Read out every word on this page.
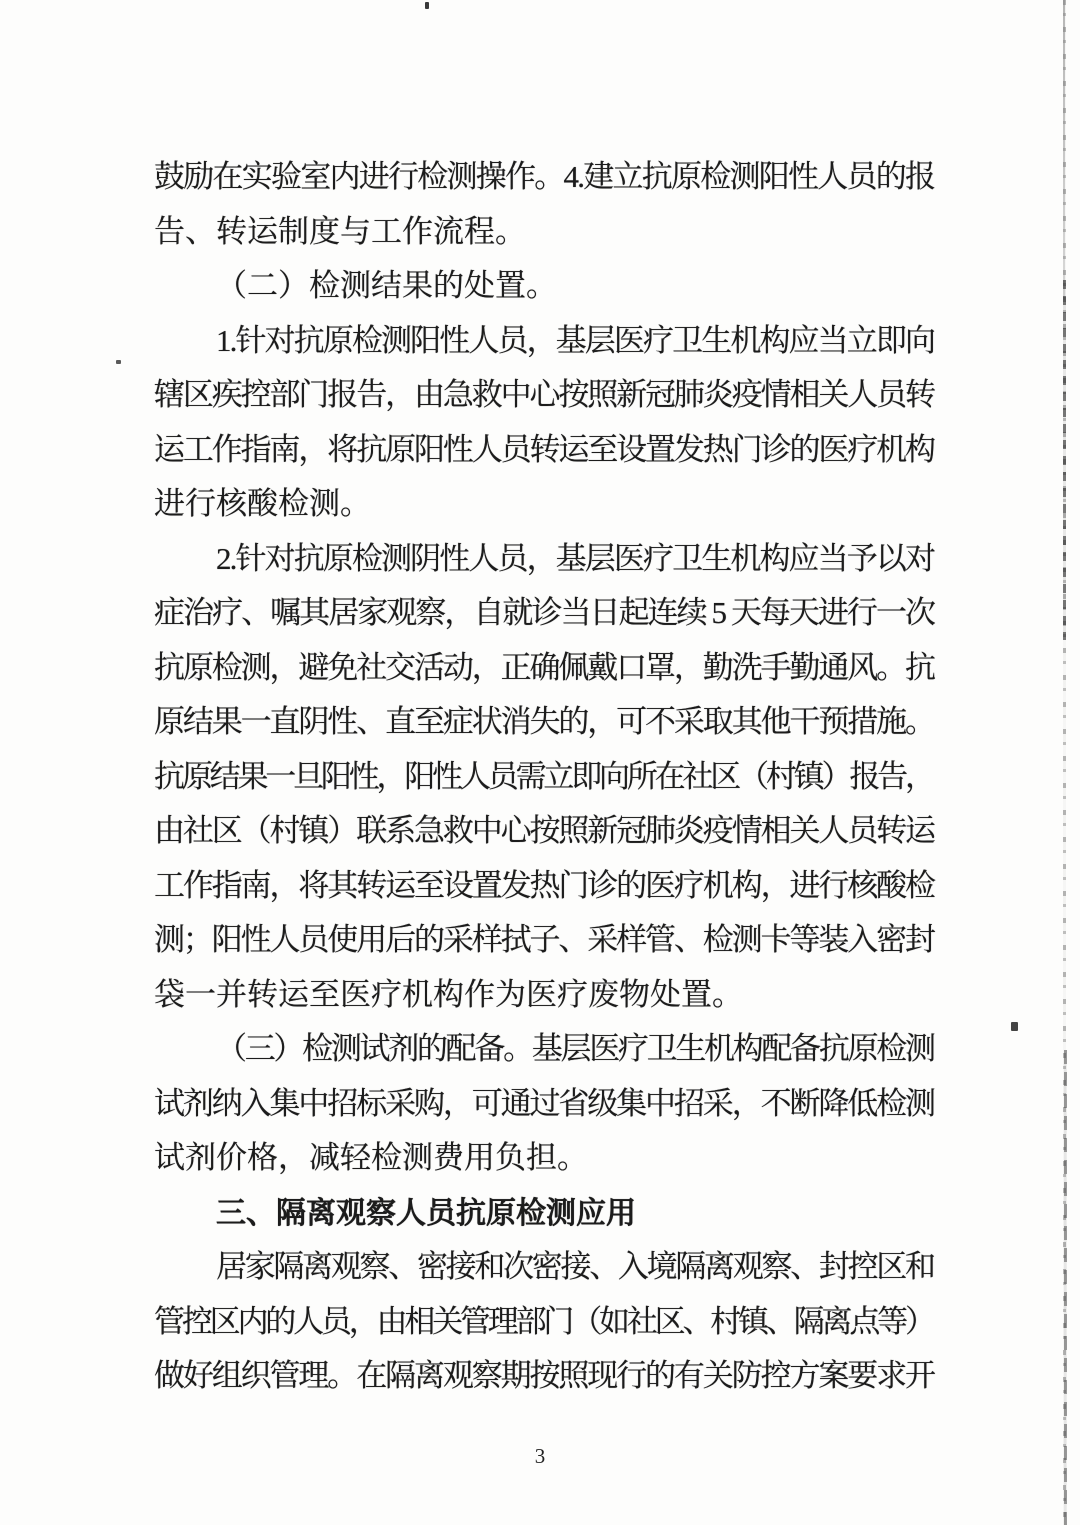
鼓励在实验室内进行检测操作。4.建立抗原检测阳性人员的报
告、转运制度与工作流程。
（二）检测结果的处置。
1.针对抗原检测阳性人员，基层医疗卫生机构应当立即向
辖区疾控部门报告，由急救中心按照新冠肺炎疫情相关人员转
运工作指南，将抗原阳性人员转运至设置发热门诊的医疗机构
进行核酸检测。
2.针对抗原检测阴性人员，基层医疗卫生机构应当予以对
症治疗、嘱其居家观察，自就诊当日起连续 5 天每天进行一次
抗原检测，避免社交活动，正确佩戴口罩，勤洗手勤通风。抗
原结果一直阴性、直至症状消失的，可不采取其他干预措施。
抗原结果一旦阳性，阳性人员需立即向所在社区（村镇）报告，
由社区（村镇）联系急救中心按照新冠肺炎疫情相关人员转运
工作指南，将其转运至设置发热门诊的医疗机构，进行核酸检
测；阳性人员使用后的采样拭子、采样管、检测卡等装入密封
袋一并转运至医疗机构作为医疗废物处置。
（三）检测试剂的配备。基层医疗卫生机构配备抗原检测
试剂纳入集中招标采购，可通过省级集中招采，不断降低检测
试剂价格，减轻检测费用负担。
三、隔离观察人员抗原检测应用
居家隔离观察、密接和次密接、入境隔离观察、封控区和
管控区内的人员，由相关管理部门（如社区、村镇、隔离点等）
做好组织管理。在隔离观察期按照现行的有关防控方案要求开
3
